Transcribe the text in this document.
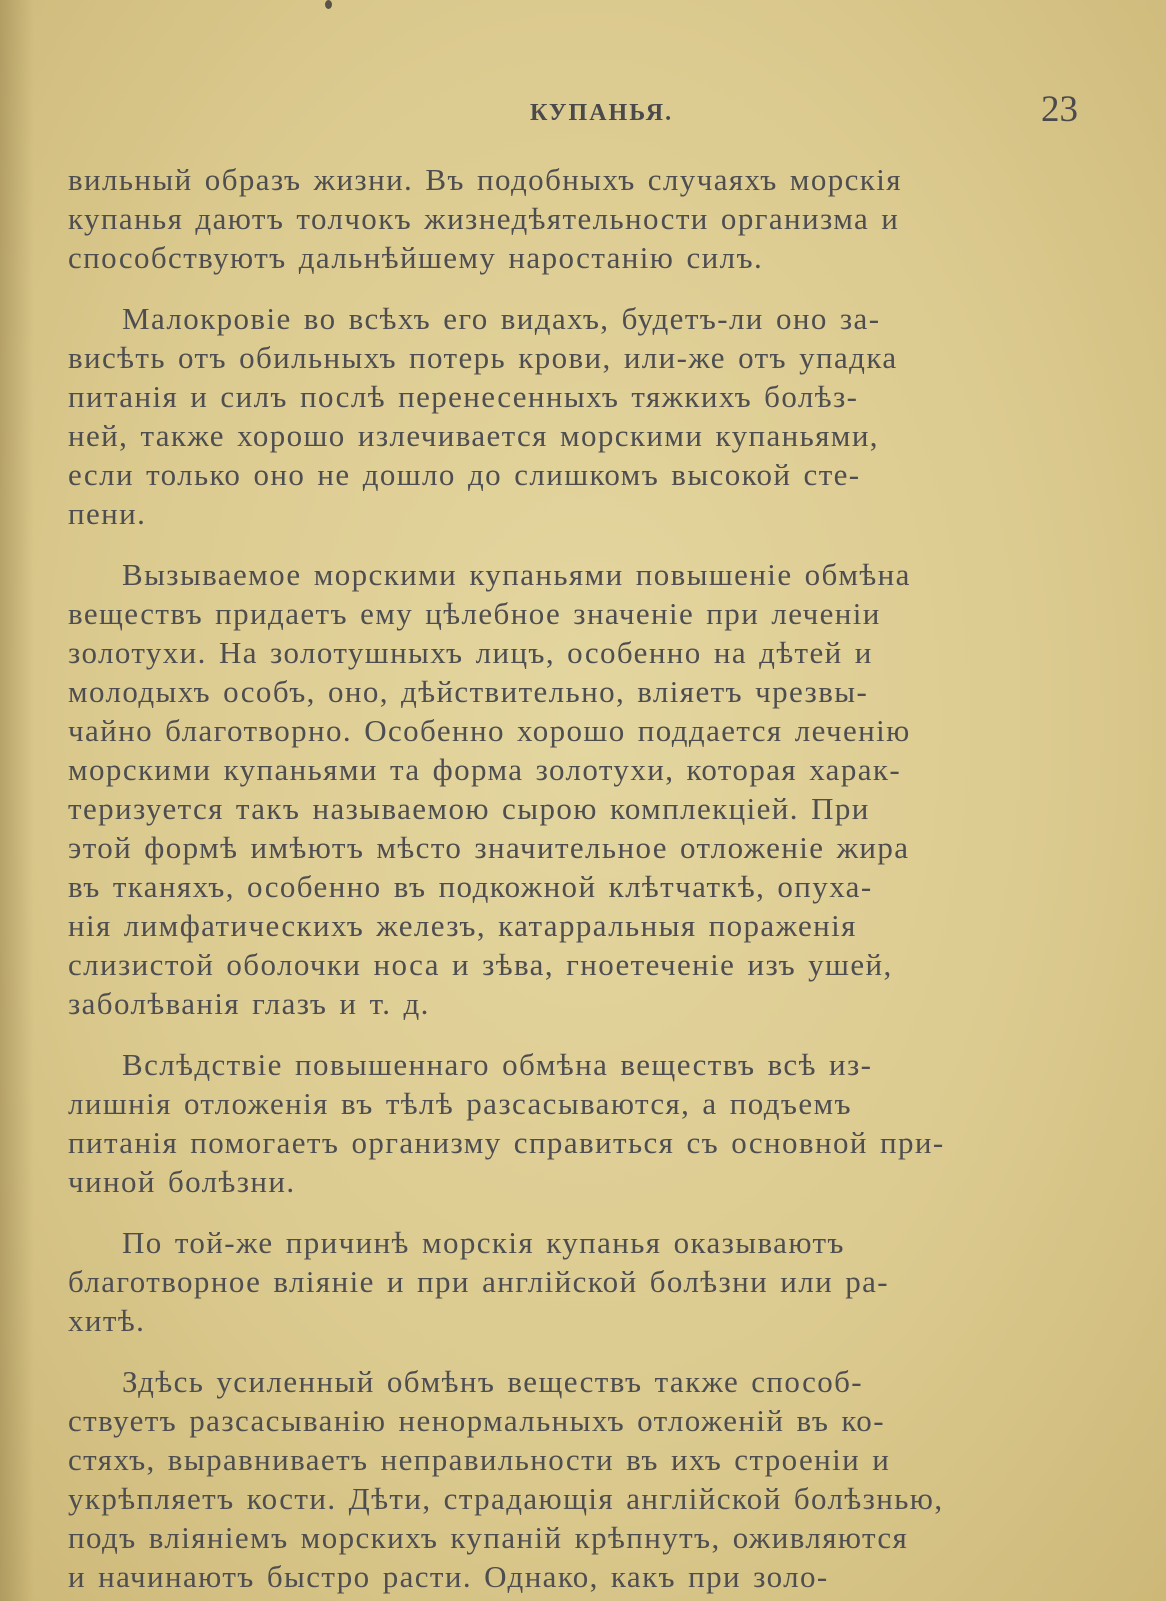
КУПАНЬЯ.	23

вильный образъ жизни. Въ подобныхъ случаяхъ морскія
купанья даютъ толчокъ жизнедѣятельности организма и
способствуютъ дальнѣйшему наростанію силъ.

Малокровіе во всѣхъ его видахъ, будетъ-ли оно за-
висѣть отъ обильныхъ потерь крови, или-же отъ упадка
питанія и силъ послѣ перенесенныхъ тяжкихъ болѣз-
ней, также хорошо излечивается морскими купаньями,
если только оно не дошло до слишкомъ высокой сте-
пени.

Вызываемое морскими купаньями повышеніе обмѣна
веществъ придаетъ ему цѣлебное значеніе при леченіи
золотухи. На золотушныхъ лицъ, особенно на дѣтей и
молодыхъ особъ, оно, дѣйствительно, вліяетъ чрезвы-
чайно благотворно. Особенно хорошо поддается леченію
морскими купаньями та форма золотухи, которая харак-
теризуется такъ называемою сырою комплекціей. При
этой формѣ имѣютъ мѣсто значительное отложеніе жира
въ тканяхъ, особенно въ подкожной клѣтчаткѣ, опуха-
нія лимфатическихъ железъ, катарральныя пораженія
слизистой оболочки носа и зѣва, гноетеченіе изъ ушей,
заболѣванія глазъ и т. д.

Вслѣдствіе повышеннаго обмѣна веществъ всѣ из-
лишнія отложенія въ тѣлѣ разсасываются, а подъемъ
питанія помогаетъ организму справиться съ основной при-
чиной болѣзни.

По той-же причинѣ морскія купанья оказываютъ
благотворное вліяніе и при англійской болѣзни или ра-
хитѣ.

Здѣсь усиленный обмѣнъ веществъ также способ-
ствуетъ разсасыванію ненормальныхъ отложеній въ ко-
стяхъ, выравниваетъ неправильности въ ихъ строеніи и
укрѣпляетъ кости. Дѣти, страдающія англійской болѣзнью,
подъ вліяніемъ морскихъ купаній крѣпнутъ, оживляются
и начинаютъ быстро расти. Однако, какъ при золо-
